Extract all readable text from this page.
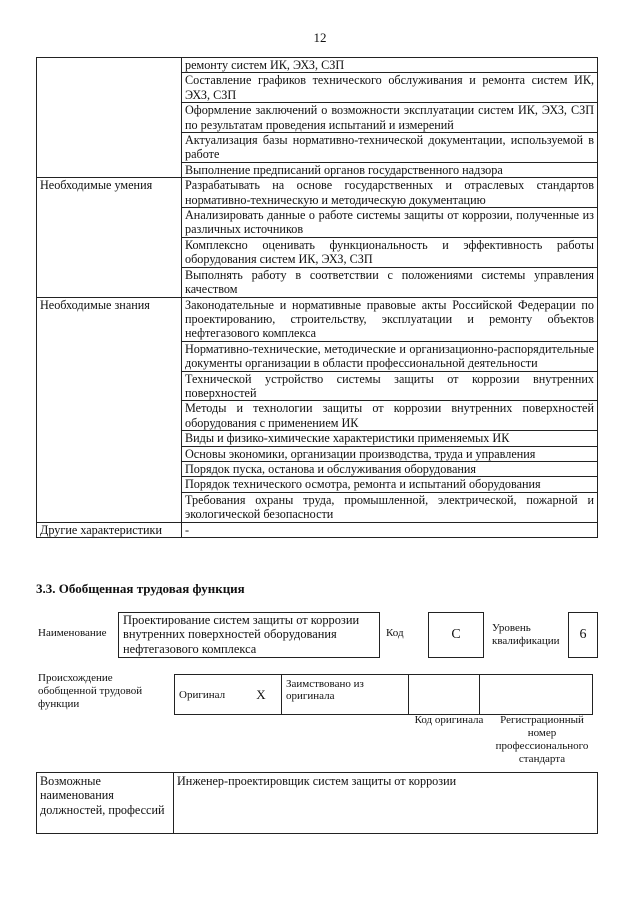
12
	ремонту систем ИК, ЭХЗ, СЗП
	Составление графиков технического обслуживания и ремонта систем ИК, ЭХЗ, СЗП
	Оформление заключений о возможности эксплуатации систем ИК, ЭХЗ, СЗП по результатам проведения испытаний и измерений
	Актуализация базы нормативно-технической документации, используемой в работе
	Выполнение предписаний органов государственного надзора
Необходимые умения	Разрабатывать на основе государственных и отраслевых стандартов нормативно-техническую и методическую документацию
	Анализировать данные о работе системы защиты от коррозии, полученные из различных источников
	Комплексно оценивать функциональность и эффективность работы оборудования систем ИК, ЭХЗ, СЗП
	Выполнять работу в соответствии с положениями системы управления качеством
Необходимые знания	Законодательные и нормативные правовые акты Российской Федерации по проектированию, строительству, эксплуатации и ремонту объектов нефтегазового комплекса
	Нормативно-технические, методические и организационно-распорядительные документы организации в области профессиональной деятельности
	Технической устройство системы защиты от коррозии внутренних поверхностей
	Методы и технологии защиты от коррозии внутренних поверхностей оборудования с применением ИК
	Виды и физико-химические характеристики применяемых ИК
	Основы экономики, организации производства, труда и управления
	Порядок пуска, останова и обслуживания оборудования
	Порядок технического осмотра, ремонта и испытаний оборудования
	Требования охраны труда, промышленной, электрической, пожарной и экологической безопасности
Другие характеристики	-
3.3. Обобщенная трудовая функция
Наименование
Проектирование систем защиты от коррозии внутренних поверхностей оборудования нефтегазового комплекса
Код	С	Уровень квалификации	6
Происхождение обобщенной трудовой функции
Оригинал	Х	Заимствовано из оригинала		
Код оригинала	Регистрационный номер профессионального стандарта
Возможные наименования должностей, профессий	Инженер-проектировщик систем защиты от коррозии
